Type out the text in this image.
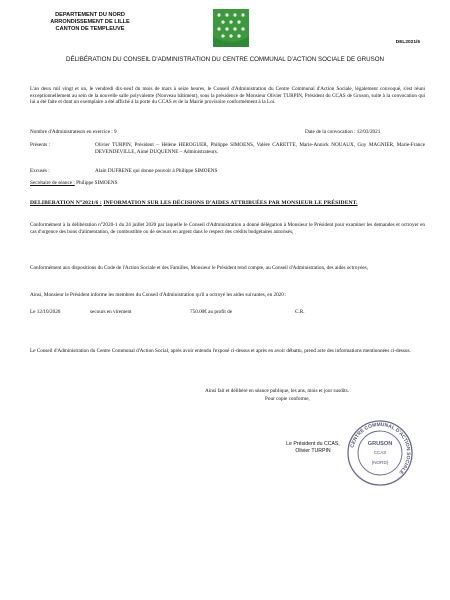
DEPARTEMENT DU NORD
ARRONDISSEMENT DE LILLE
CANTON DE TEMPLEUVE
DEL2021/6
DÉLIBÉRATION DU CONSEIL D'ADMINISTRATION DU CENTRE COMMUNAL D'ACTION SOCIALE DE GRUSON
L'an deux mil vingt et un, le vendredi dix-neuf du mois de mars à seize heures, le Conseil d'Administration du Centre Communal d'Action Sociale, légalement convoqué, s'est réuni exceptionnellement au sein de la nouvelle salle polyvalente (Nouveau bâtiment), sous la présidence de Monsieur Olivier TURPIN, Président du CCAS de Gruson, suite à la convocation qui lui a été faite et dont un exemplaire a été affiché à la porte du CCAS et de la Mairie provisoire conformément à la Loi.
Nombre d'Administrateurs en exercice : 9	Date de la convocation : 12/03/2021
Présents :	Olivier TURPIN, Président – Hélène HEROGUER, Philippe SIMOENS, Valère CARETTE, Marie-Annick NOUAUX, Guy MAGNIER, Marie-France DEVENDEVILLE, Aimé DUQUENNE – Administrateurs.
Excusés :	Alain DUFRENE qui donne pouvoir à Philippe SIMOENS
Secrétaire de séance : Philippe SIMOENS
DELIBERATION N°2021/6 : INFORMATION SUR LES DÉCISIONS D'AIDES ATTRIBUÉES PAR MONSIEUR LE PRÉSIDENT.
Conformément à la délibération n°2020-1 du 24 juillet 2020 par laquelle le Conseil d'Administration a donné délégation à Monsieur le Président pour examiner les demandes et octroyer en cas d'urgence des bons d'alimentation, de combustible ou de secours en argent dans le respect des crédits budgétaires autorisés,
Conformément aux dispositions du Code de l'Action Sociale et des Familles, Monsieur le Président rend compte, au Conseil d'Administration, des aides octroyées,
Ainsi, Monsieur le Président informe les membres du Conseil d'Administration qu'il a octroyé les aides suivantes, en 2020 :
Le 12/10/2020	secours en virement	750.00€ au profit de	C.R.
Le Conseil d'Administration du Centre Communal d'Action Social, après avoir entendu l'exposé ci-dessus et après en avoir débattu, prend acte des informations mentionnées ci-dessus.
Ainsi fait et délibéré en séance publique, les ans, mois et jour susdits.
Pour copie conforme,
Le Président du CCAS,
Olivier TURPIN
CENTRE COMMUNAL D'ACTION SOCIALE
GRUSON
CCAS
(NORD)
